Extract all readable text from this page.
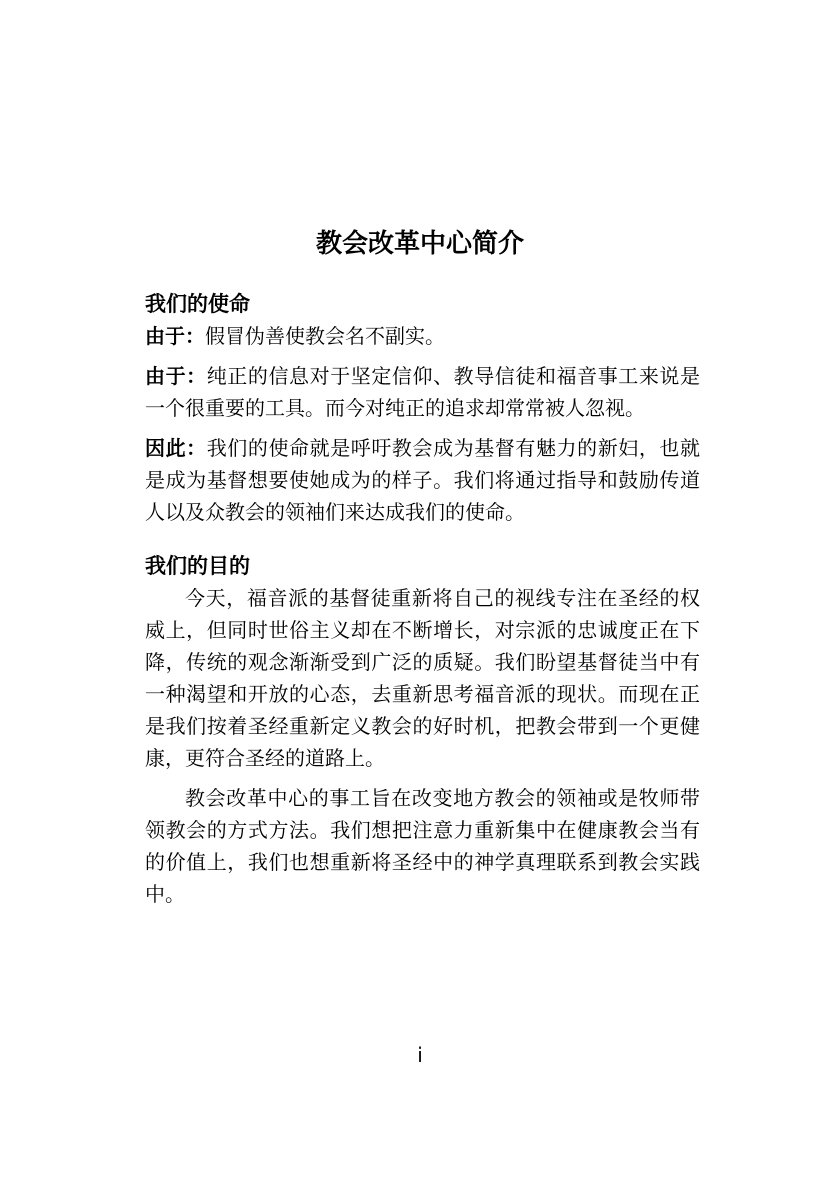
教会改革中心简介
我们的使命

由于：假冒伪善使教会名不副实。

由于：纯正的信息对于坚定信仰、教导信徒和福音事工来说是一个很重要的工具。而今对纯正的追求却常常被人忽视。

因此：我们的使命就是呼吁教会成为基督有魅力的新妇，也就是成为基督想要使她成为的样子。我们将通过指导和鼓励传道人以及众教会的领袖们来达成我们的使命。

我们的目的

今天，福音派的基督徒重新将自己的视线专注在圣经的权威上，但同时世俗主义却在不断增长，对宗派的忠诚度正在下降，传统的观念渐渐受到广泛的质疑。我们盼望基督徒当中有一种渴望和开放的心态，去重新思考福音派的现状。而现在正是我们按着圣经重新定义教会的好时机，把教会带到一个更健康，更符合圣经的道路上。

教会改革中心的事工旨在改变地方教会的领袖或是牧师带领教会的方式方法。我们想把注意力重新集中在健康教会当有的价值上，我们也想重新将圣经中的神学真理联系到教会实践中。

i
